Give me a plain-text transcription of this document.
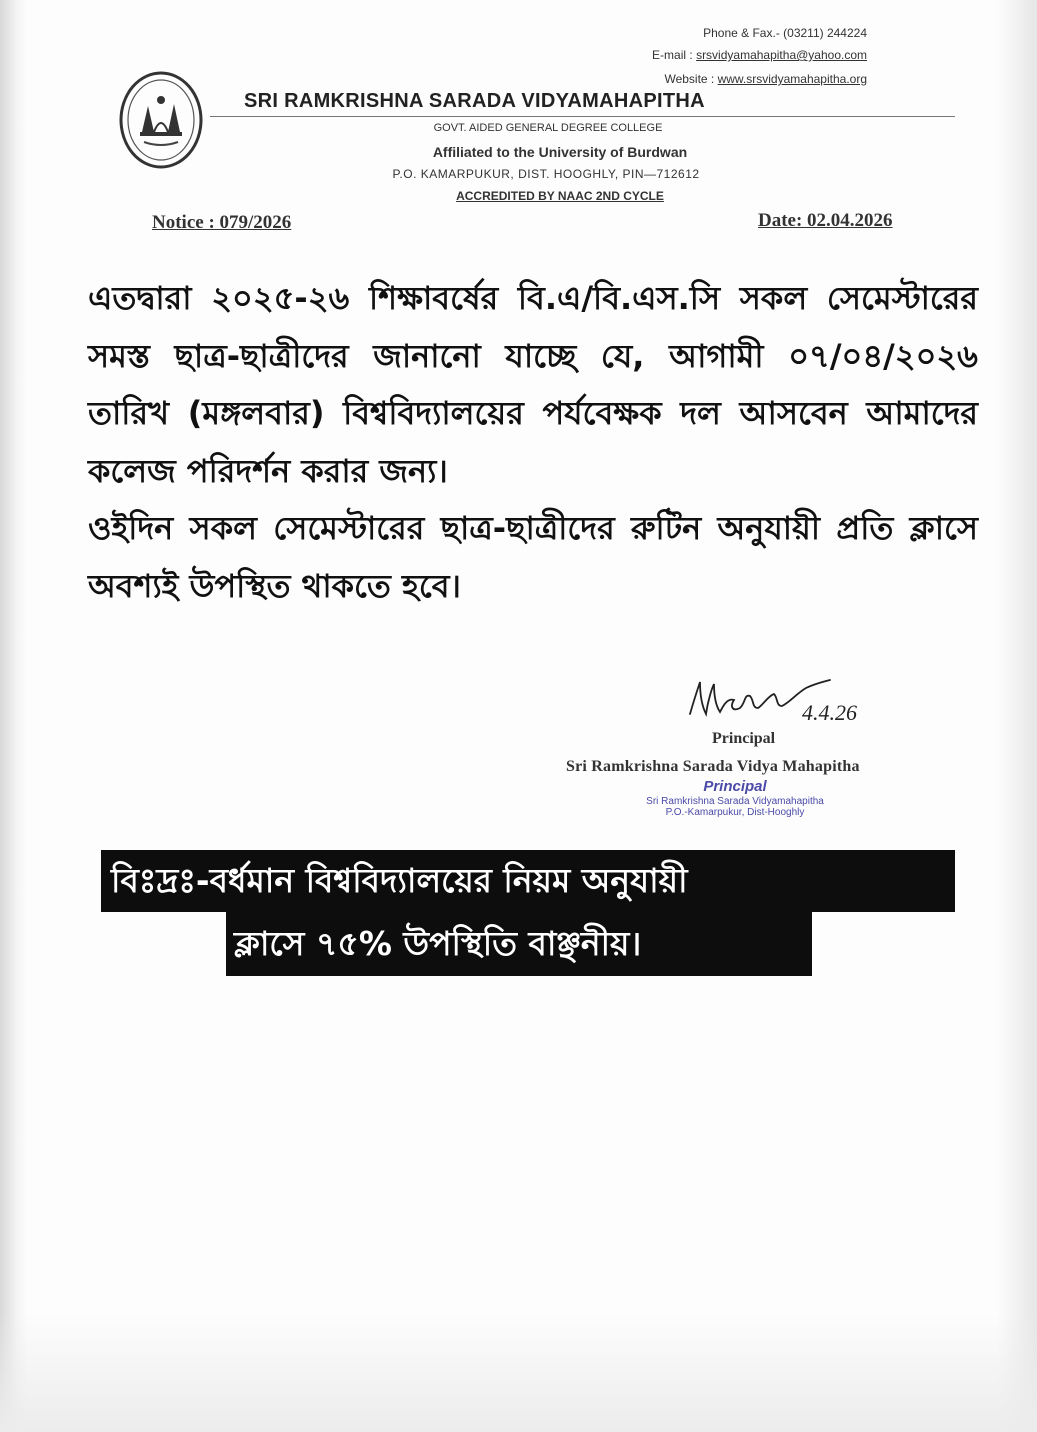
Phone & Fax.- (03211) 244224
E-mail : srsvidyamahapitha@yahoo.com
Website : www.srsvidyamahapitha.org
SRI RAMKRISHNA SARADA VIDYAMAHAPITHA
GOVT. AIDED GENERAL DEGREE COLLEGE
Affiliated to the University of Burdwan
P.O. KAMARPUKUR, DIST. HOOGHLY, PIN—712612
ACCREDITED BY NAAC 2ND CYCLE
Notice : 079/2026	Date: 02.04.2026

এতদ্বারা ২০২৫-২৬ শিক্ষাবর্ষের বি.এ/বি.এস.সি সকল সেমেস্টারের সমস্ত ছাত্র-ছাত্রীদের জানানো যাচ্ছে যে, আগামী ০৭/০৪/২০২৬ তারিখ (মঙ্গলবার) বিশ্ববিদ্যালয়ের পর্যবেক্ষক দল আসবেন আমাদের কলেজ পরিদর্শন করার জন্য।

ওইদিন সকল সেমেস্টারের ছাত্র-ছাত্রীদের রুটিন অনুযায়ী প্রতি ক্লাসে অবশ্যই উপস্থিত থাকতে হবে।

4.4.26
Principal
Sri Ramkrishna Sarada Vidya Mahapitha
Principal
Sri Ramkrishna Sarada Vidyamahapitha
P.O.-Kamarpukur, Dist-Hooghly
বিঃদ্রঃ-বর্ধমান বিশ্ববিদ্যালয়ের নিয়ম অনুযায়ী
ক্লাসে ৭৫% উপস্থিতি বাঞ্ছনীয়।
